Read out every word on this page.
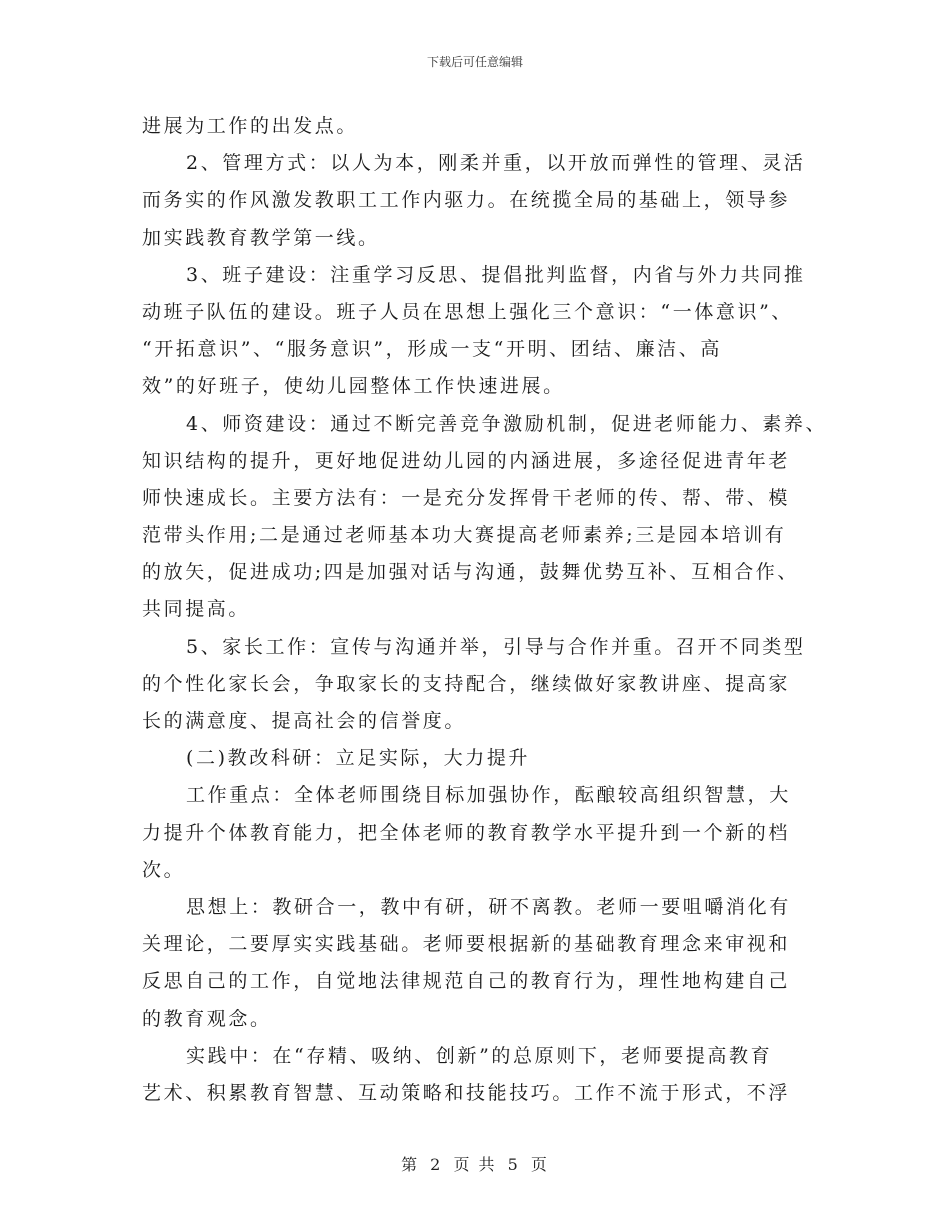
下载后可任意编辑
进展为工作的出发点。
2、管理方式：以人为本，刚柔并重，以开放而弹性的管理、灵活
而务实的作风激发教职工工作内驱力。在统揽全局的基础上，领导参
加实践教育教学第一线。
3、班子建设：注重学习反思、提倡批判监督，内省与外力共同推
动班子队伍的建设。班子人员在思想上强化三个意识：“一体意识”、
“开拓意识”、“服务意识”，形成一支“开明、团结、廉洁、高
效”的好班子，使幼儿园整体工作快速进展。
4、师资建设：通过不断完善竞争激励机制，促进老师能力、素养、
知识结构的提升，更好地促进幼儿园的内涵进展，多途径促进青年老
师快速成长。主要方法有：一是充分发挥骨干老师的传、帮、带、模
范带头作用;二是通过老师基本功大赛提高老师素养;三是园本培训有
的放矢，促进成功;四是加强对话与沟通，鼓舞优势互补、互相合作、
共同提高。
5、家长工作：宣传与沟通并举，引导与合作并重。召开不同类型
的个性化家长会，争取家长的支持配合，继续做好家教讲座、提高家
长的满意度、提高社会的信誉度。
(二)教改科研：立足实际，大力提升
工作重点：全体老师围绕目标加强协作，酝酿较高组织智慧，大
力提升个体教育能力，把全体老师的教育教学水平提升到一个新的档
次。
思想上：教研合一，教中有研，研不离教。老师一要咀嚼消化有
关理论，二要厚实实践基础。老师要根据新的基础教育理念来审视和
反思自己的工作，自觉地法律规范自己的教育行为，理性地构建自己
的教育观念。
实践中：在“存精、吸纳、创新”的总原则下，老师要提高教育
艺术、积累教育智慧、互动策略和技能技巧。工作不流于形式，不浮
第 2 页 共 5 页
